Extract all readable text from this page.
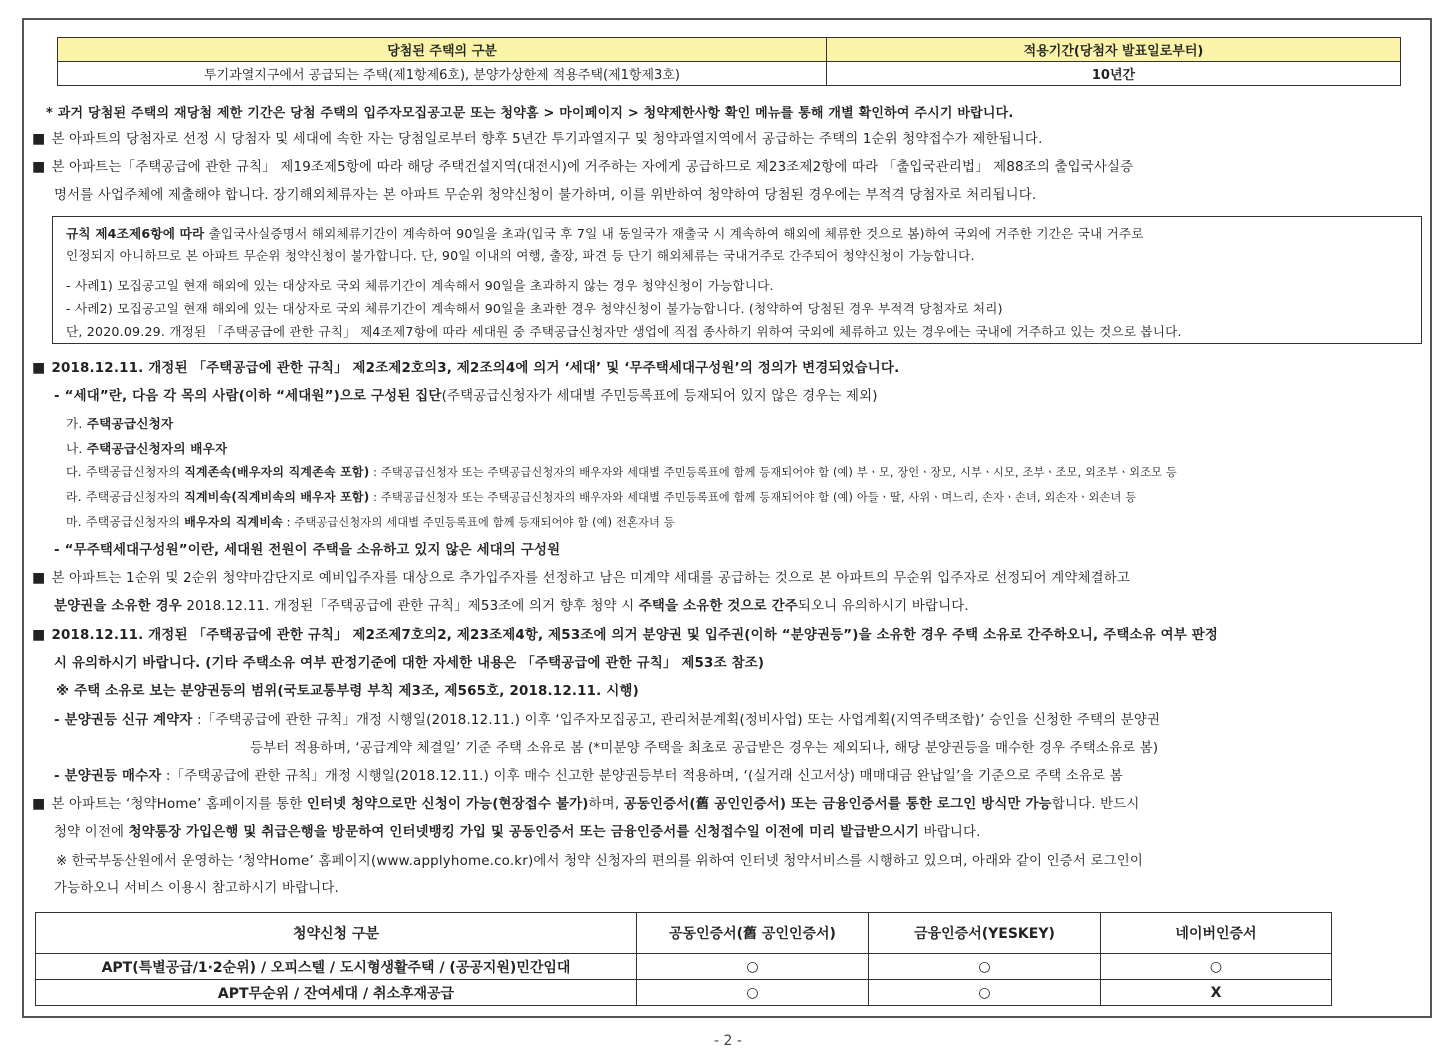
당첨된 주택의 구분	적용기간(당첨자 발표일로부터)
투기과열지구에서 공급되는 주택(제1항제6호), 분양가상한제 적용주택(제1항제3호)	10년간
* 과거 당첨된 주택의 재당첨 제한 기간은 당첨 주택의 입주자모집공고문 또는 청약홈 > 마이페이지 > 청약제한사항 확인 메뉴를 통해 개별 확인하여 주시기 바랍니다.
■ 본 아파트의 당첨자로 선정 시 당첨자 및 세대에 속한 자는 당첨일로부터 향후 5년간 투기과열지구 및 청약과열지역에서 공급하는 주택의 1순위 청약접수가 제한됩니다.
■ 본 아파트는「주택공급에 관한 규칙」 제19조제5항에 따라 해당 주택건설지역(대전시)에 거주하는 자에게 공급하므로 제23조제2항에 따라 「출입국관리법」 제88조의 출입국사실증
명서를 사업주체에 제출해야 합니다. 장기해외체류자는 본 아파트 무순위 청약신청이 불가하며, 이를 위반하여 청약하여 당첨된 경우에는 부적격 당첨자로 처리됩니다.
규칙 제4조제6항에 따라 출입국사실증명서 해외체류기간이 계속하여 90일을 초과(입국 후 7일 내 동일국가 재출국 시 계속하여 해외에 체류한 것으로 봄)하여 국외에 거주한 기간은 국내 거주로
인정되지 아니하므로 본 아파트 무순위 청약신청이 불가합니다. 단, 90일 이내의 여행, 출장, 파견 등 단기 해외체류는 국내거주로 간주되어 청약신청이 가능합니다.
- 사례1) 모집공고일 현재 해외에 있는 대상자로 국외 체류기간이 계속해서 90일을 초과하지 않는 경우 청약신청이 가능합니다.
- 사례2) 모집공고일 현재 해외에 있는 대상자로 국외 체류기간이 계속해서 90일을 초과한 경우 청약신청이 불가능합니다. (청약하여 당첨된 경우 부적격 당첨자로 처리)
단, 2020.09.29. 개정된 「주택공급에 관한 규칙」 제4조제7항에 따라 세대원 중 주택공급신청자만 생업에 직접 종사하기 위하여 국외에 체류하고 있는 경우에는 국내에 거주하고 있는 것으로 봅니다.
■ 2018.12.11. 개정된 「주택공급에 관한 규칙」 제2조제2호의3, 제2조의4에 의거 ‘세대’ 및 ‘무주택세대구성원’의 정의가 변경되었습니다.
- “세대”란, 다음 각 목의 사람(이하 “세대원”)으로 구성된 집단(주택공급신청자가 세대별 주민등록표에 등재되어 있지 않은 경우는 제외)
가. 주택공급신청자
나. 주택공급신청자의 배우자
다. 주택공급신청자의 직계존속(배우자의 직계존속 포함) : 주택공급신청자 또는 주택공급신청자의 배우자와 세대별 주민등록표에 함께 등재되어야 함 (예) 부ㆍ모, 장인ㆍ장모, 시부ㆍ시모, 조부ㆍ조모, 외조부ㆍ외조모 등
라. 주택공급신청자의 직계비속(직계비속의 배우자 포함) : 주택공급신청자 또는 주택공급신청자의 배우자와 세대별 주민등록표에 함께 등재되어야 함 (예) 아들ㆍ딸, 사위ㆍ며느리, 손자ㆍ손녀, 외손자ㆍ외손녀 등
마. 주택공급신청자의 배우자의 직계비속 : 주택공급신청자의 세대별 주민등록표에 함께 등재되어야 함 (예) 전혼자녀 등
- “무주택세대구성원”이란, 세대원 전원이 주택을 소유하고 있지 않은 세대의 구성원
■ 본 아파트는 1순위 및 2순위 청약마감단지로 예비입주자를 대상으로 추가입주자를 선정하고 남은 미계약 세대를 공급하는 것으로 본 아파트의 무순위 입주자로 선정되어 계약체결하고
분양권을 소유한 경우 2018.12.11. 개정된「주택공급에 관한 규칙」제53조에 의거 향후 청약 시 주택을 소유한 것으로 간주되오니 유의하시기 바랍니다.
■ 2018.12.11. 개정된 「주택공급에 관한 규칙」 제2조제7호의2, 제23조제4항, 제53조에 의거 분양권 및 입주권(이하 “분양권등”)을 소유한 경우 주택 소유로 간주하오니, 주택소유 여부 판정
시 유의하시기 바랍니다. (기타 주택소유 여부 판정기준에 대한 자세한 내용은 「주택공급에 관한 규칙」 제53조 참조)
※ 주택 소유로 보는 분양권등의 범위(국토교통부령 부칙 제3조, 제565호, 2018.12.11. 시행)
- 분양권등 신규 계약자 :「주택공급에 관한 규칙」개정 시행일(2018.12.11.) 이후 ‘입주자모집공고, 관리처분계획(정비사업) 또는 사업계획(지역주택조합)’ 승인을 신청한 주택의 분양권
등부터 적용하며, ‘공급계약 체결일’ 기준 주택 소유로 봄 (*미분양 주택을 최초로 공급받은 경우는 제외되나, 해당 분양권등을 매수한 경우 주택소유로 봄)
- 분양권등 매수자 :「주택공급에 관한 규칙」개정 시행일(2018.12.11.) 이후 매수 신고한 분양권등부터 적용하며, ‘(실거래 신고서상) 매매대금 완납일’을 기준으로 주택 소유로 봄
■ 본 아파트는 ‘청약Home’ 홈페이지를 통한 인터넷 청약으로만 신청이 가능(현장접수 불가)하며, 공동인증서(舊 공인인증서) 또는 금융인증서를 통한 로그인 방식만 가능합니다. 반드시
청약 이전에 청약통장 가입은행 및 취급은행을 방문하여 인터넷뱅킹 가입 및 공동인증서 또는 금융인증서를 신청접수일 이전에 미리 발급받으시기 바랍니다.
※ 한국부동산원에서 운영하는 ‘청약Home’ 홈페이지(www.applyhome.co.kr)에서 청약 신청자의 편의를 위하여 인터넷 청약서비스를 시행하고 있으며, 아래와 같이 인증서 로그인이
가능하오니 서비스 이용시 참고하시기 바랍니다.
청약신청 구분	공동인증서(舊 공인인증서)	금융인증서(YESKEY)	네이버인증서
APT(특별공급/1·2순위) / 오피스텔 / 도시형생활주택 / (공공지원)민간임대	○	○	○
APT무순위 / 잔여세대 / 취소후재공급	○	○	X
- 2 -
